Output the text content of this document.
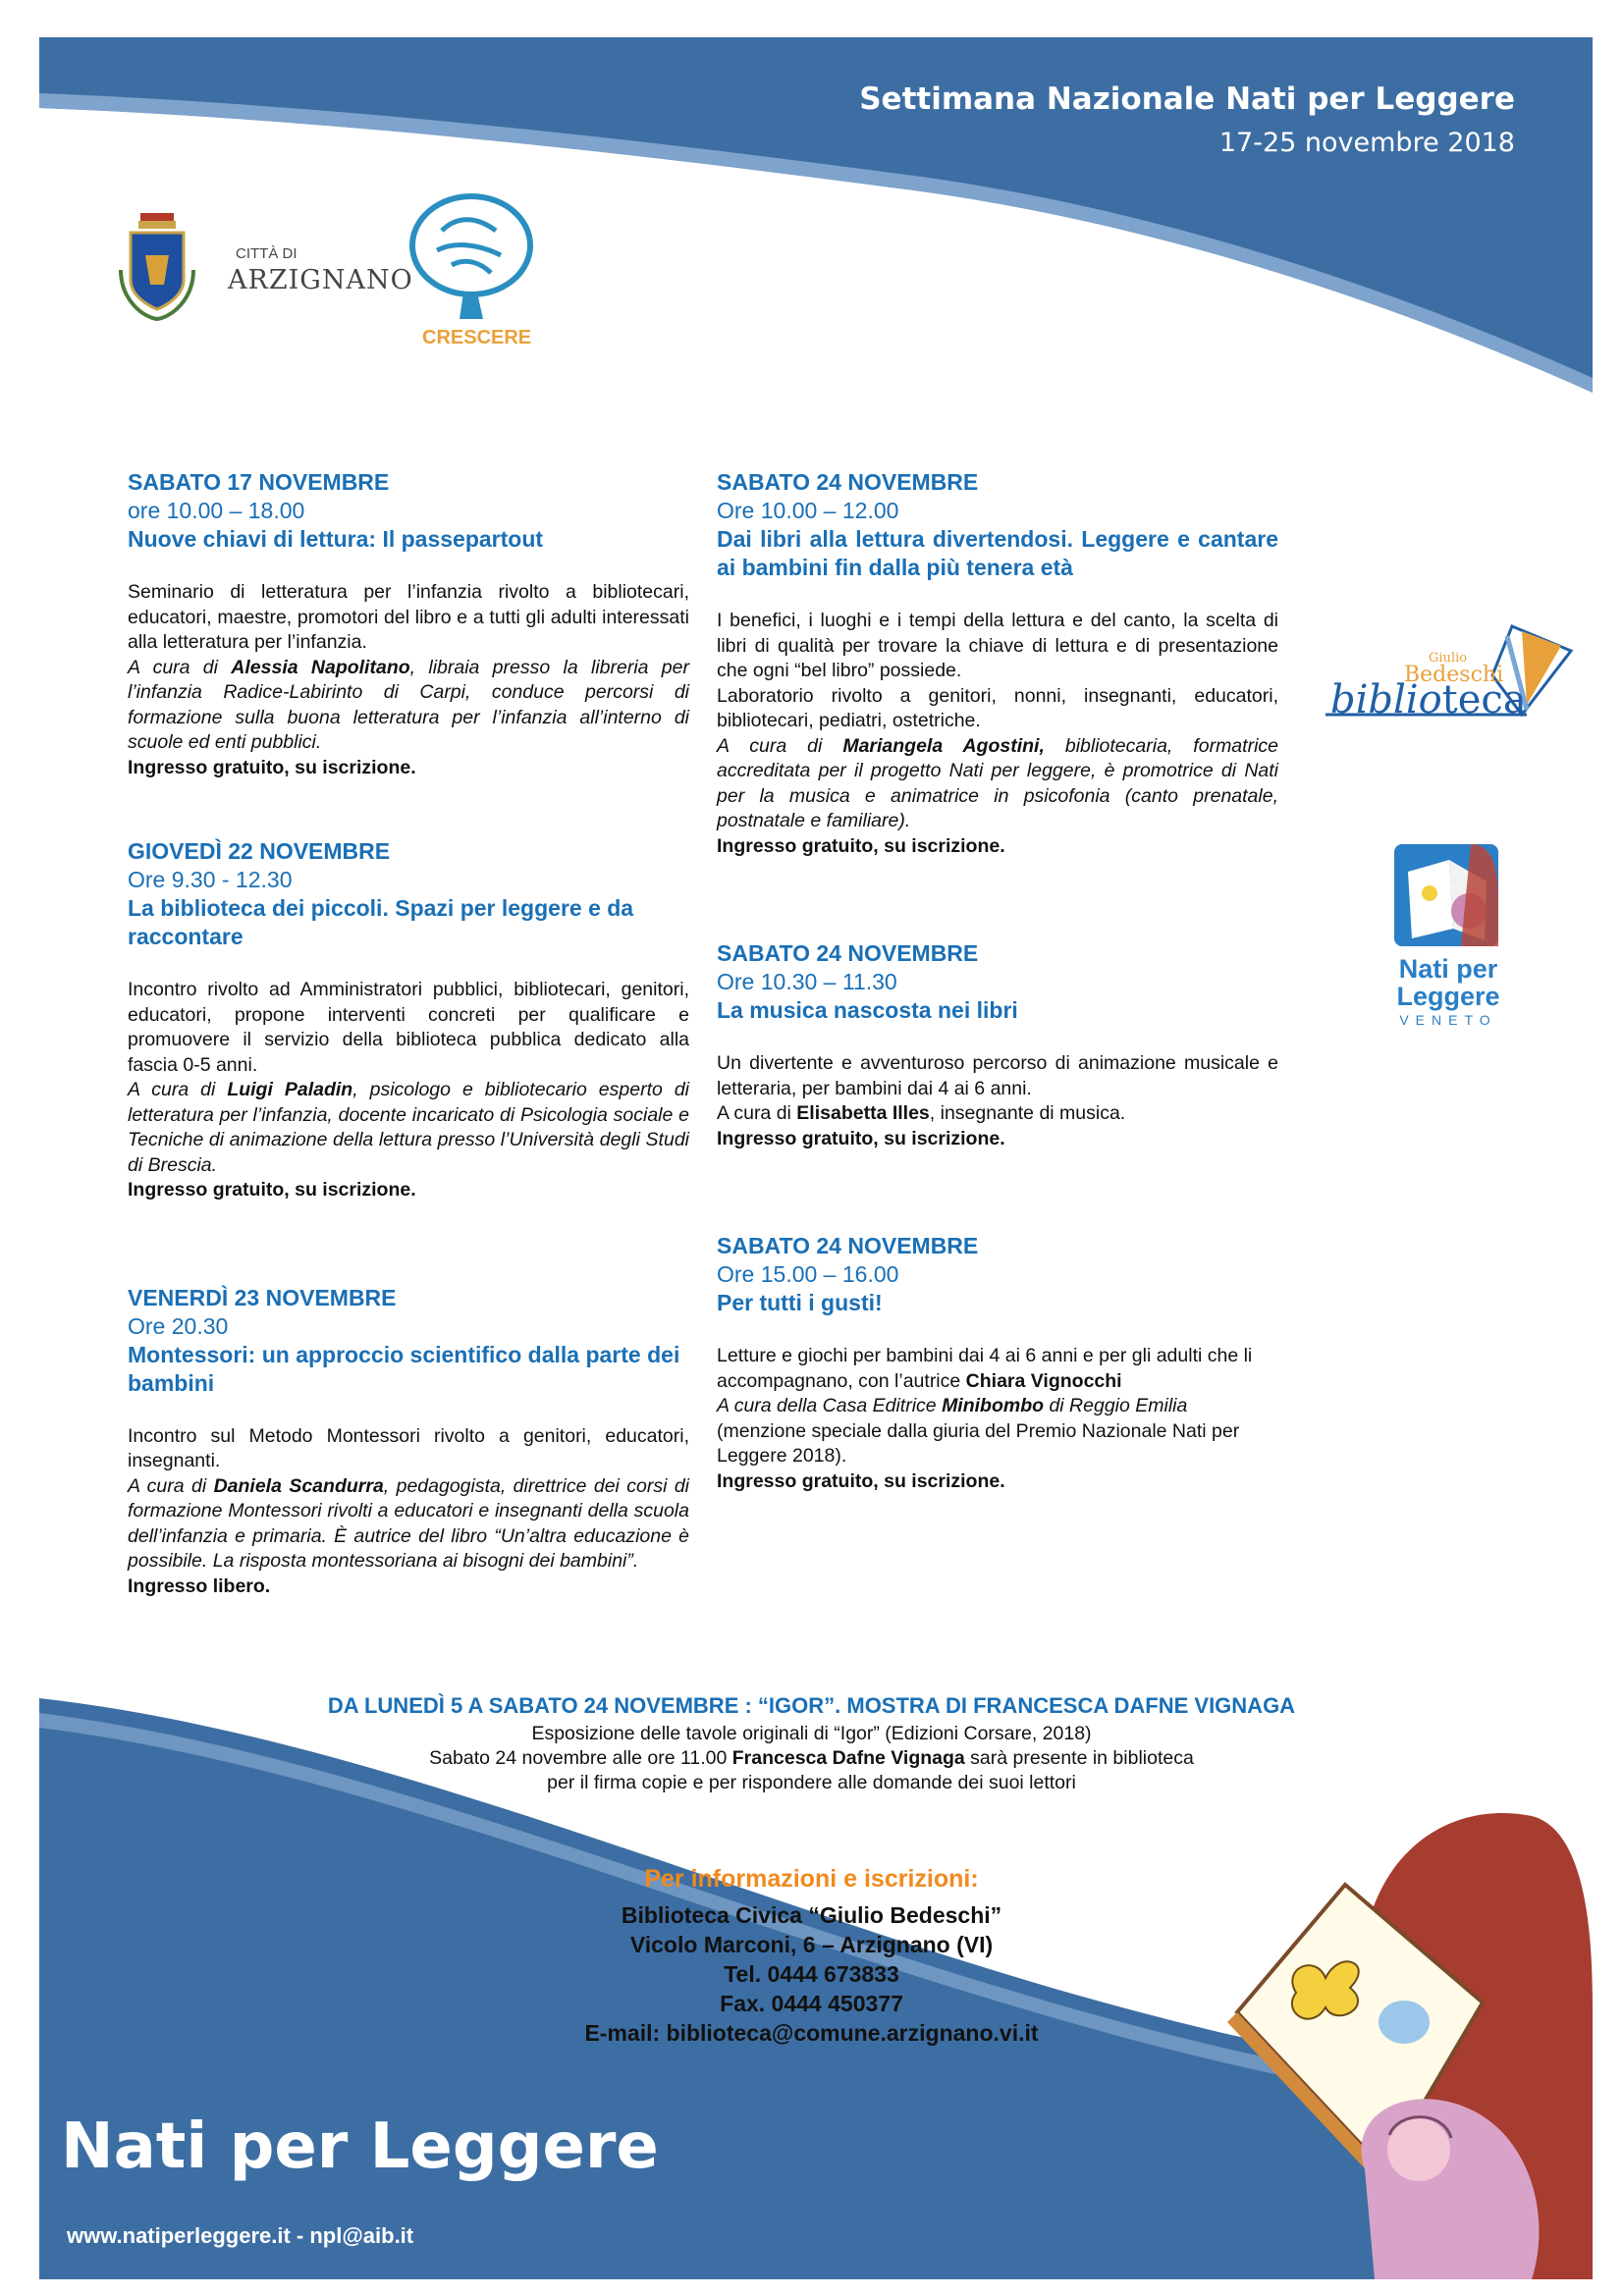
Settimana Nazionale Nati per Leggere
17-25 novembre 2018
CITTÀ DI
ARZIGNANO
CRESCERE

SABATO 17 NOVEMBRE

ore 10.00 – 18.00

Nuove chiavi di lettura: Il passepartout

Seminario di letteratura per l’infanzia rivolto a bibliotecari, educatori, maestre, promotori del libro e a tutti gli adulti interessati alla letteratura per l’infanzia.

A cura di Alessia Napolitano, libraia presso la libreria per l’infanzia Radice-Labirinto di Carpi, conduce percorsi di formazione sulla buona letteratura per l’infanzia all’interno di scuole ed enti pubblici.

Ingresso gratuito, su iscrizione.

GIOVEDÌ 22 NOVEMBRE

Ore 9.30 - 12.30

La biblioteca dei piccoli. Spazi per leggere e da raccontare

Incontro rivolto ad Amministratori pubblici, bibliotecari, genitori, educatori, propone interventi concreti per qualificare e promuovere il servizio della biblioteca pubblica dedicato alla fascia 0-5 anni.

A cura di Luigi Paladin, psicologo e bibliotecario esperto di letteratura per l’infanzia, docente incaricato di Psicologia sociale e Tecniche di animazione della lettura presso l’Università degli Studi di Brescia.

Ingresso gratuito, su iscrizione.

VENERDÌ 23 NOVEMBRE

Ore 20.30

Montessori: un approccio scientifico dalla parte dei bambini

Incontro sul Metodo Montessori rivolto a genitori, educatori, insegnanti.

A cura di Daniela Scandurra, pedagogista, direttrice dei corsi di formazione Montessori rivolti a educatori e insegnanti della scuola dell’infanzia e primaria. È autrice del libro “Un’altra educazione è possibile. La risposta montessoriana ai bisogni dei bambini”.

Ingresso libero.

SABATO 24 NOVEMBRE

Ore 10.00 – 12.00

Dai libri alla lettura divertendosi. Leggere e cantare ai bambini fin dalla più tenera età

I benefici, i luoghi e i tempi della lettura e del canto, la scelta di libri di qualità per trovare la chiave di lettura e di presentazione che ogni “bel libro” possiede.

Laboratorio rivolto a genitori, nonni, insegnanti, educatori, bibliotecari, pediatri, ostetriche.

A cura di Mariangela Agostini, bibliotecaria, formatrice accreditata per il progetto Nati per leggere, è promotrice di Nati per la musica e animatrice in psicofonia (canto prenatale, postnatale e familiare).

Ingresso gratuito, su iscrizione.

SABATO 24 NOVEMBRE

Ore 10.30 – 11.30

La musica nascosta nei libri

Un divertente e avventuroso percorso di animazione musicale e letteraria, per bambini dai 4 ai 6 anni.

A cura di Elisabetta Illes, insegnante di musica.

Ingresso gratuito, su iscrizione.

SABATO 24 NOVEMBRE

Ore 15.00 – 16.00

Per tutti i gusti!

Letture e giochi per bambini dai 4 ai 6 anni e per gli adulti che li accompagnano, con l’autrice Chiara Vignocchi

A cura della Casa Editrice Minibombo di Reggio Emilia

(menzione speciale dalla giuria del Premio Nazionale Nati per Leggere 2018).

Ingresso gratuito, su iscrizione.

Giulio
Bedeschi
biblioteca
Nati per
Leggere
VENETO
DA LUNEDÌ 5 A SABATO 24 NOVEMBRE : “IGOR”. MOSTRA DI FRANCESCA DAFNE VIGNAGA
Esposizione delle tavole originali di “Igor” (Edizioni Corsare, 2018)
Sabato 24 novembre alle ore 11.00 Francesca Dafne Vignaga sarà presente in biblioteca
per il firma copie e per rispondere alle domande dei suoi lettori
Per informazioni e iscrizioni:
Biblioteca Civica “Giulio Bedeschi”
Vicolo Marconi, 6 – Arzignano (VI)
Tel. 0444 673833
Fax. 0444 450377
E-mail: biblioteca@comune.arzignano.vi.it
Nati per Leggere
www.natiperleggere.it - npl@aib.it
